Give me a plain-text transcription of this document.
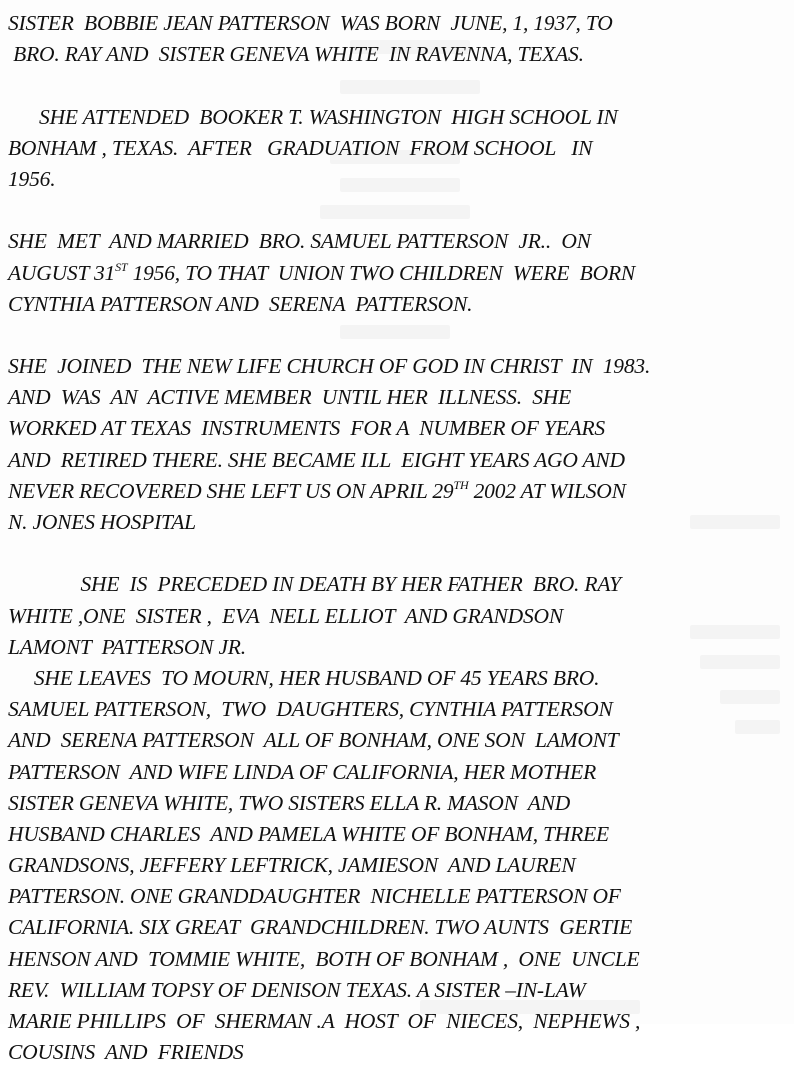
SISTER  BOBBIE JEAN PATTERSON  WAS BORN  JUNE, 1, 1937, TO
BRO. RAY AND  SISTER GENEVA WHITE  IN RAVENNA, TEXAS.
SHE ATTENDED  BOOKER T. WASHINGTON  HIGH SCHOOL IN
BONHAM , TEXAS.  AFTER   GRADUATION  FROM SCHOOL   IN
1956.
SHE  MET  AND MARRIED  BRO. SAMUEL PATTERSON  JR..  ON
AUGUST 31ST 1956, TO THAT  UNION TWO CHILDREN  WERE  BORN
CYNTHIA PATTERSON AND  SERENA  PATTERSON.
SHE  JOINED  THE NEW LIFE CHURCH OF GOD IN CHRIST  IN  1983.
AND  WAS  AN  ACTIVE MEMBER  UNTIL HER  ILLNESS.  SHE
WORKED AT TEXAS  INSTRUMENTS  FOR A  NUMBER OF YEARS
AND  RETIRED THERE. SHE BECAME ILL  EIGHT YEARS AGO AND
NEVER RECOVERED SHE LEFT US ON APRIL 29TH 2002 AT WILSON
N. JONES HOSPITAL
SHE  IS  PRECEDED IN DEATH BY HER FATHER  BRO. RAY
WHITE ,ONE  SISTER ,  EVA  NELL ELLIOT  AND GRANDSON
LAMONT  PATTERSON JR.
SHE LEAVES  TO MOURN, HER HUSBAND OF 45 YEARS BRO.
SAMUEL PATTERSON,  TWO  DAUGHTERS, CYNTHIA PATTERSON
AND  SERENA PATTERSON  ALL OF BONHAM, ONE SON  LAMONT
PATTERSON  AND WIFE LINDA OF CALIFORNIA, HER MOTHER
SISTER GENEVA WHITE, TWO SISTERS ELLA R. MASON  AND
HUSBAND CHARLES  AND PAMELA WHITE OF BONHAM, THREE
GRANDSONS, JEFFERY LEFTRICK, JAMIESON  AND LAUREN
PATTERSON. ONE GRANDDAUGHTER  NICHELLE PATTERSON OF
CALIFORNIA. SIX GREAT  GRANDCHILDREN. TWO AUNTS  GERTIE
HENSON AND  TOMMIE WHITE,  BOTH OF BONHAM ,  ONE  UNCLE
REV.  WILLIAM TOPSY OF DENISON TEXAS. A SISTER –IN-LAW
MARIE PHILLIPS  OF  SHERMAN .A  HOST  OF  NIECES,  NEPHEWS ,
COUSINS  AND  FRIENDS
